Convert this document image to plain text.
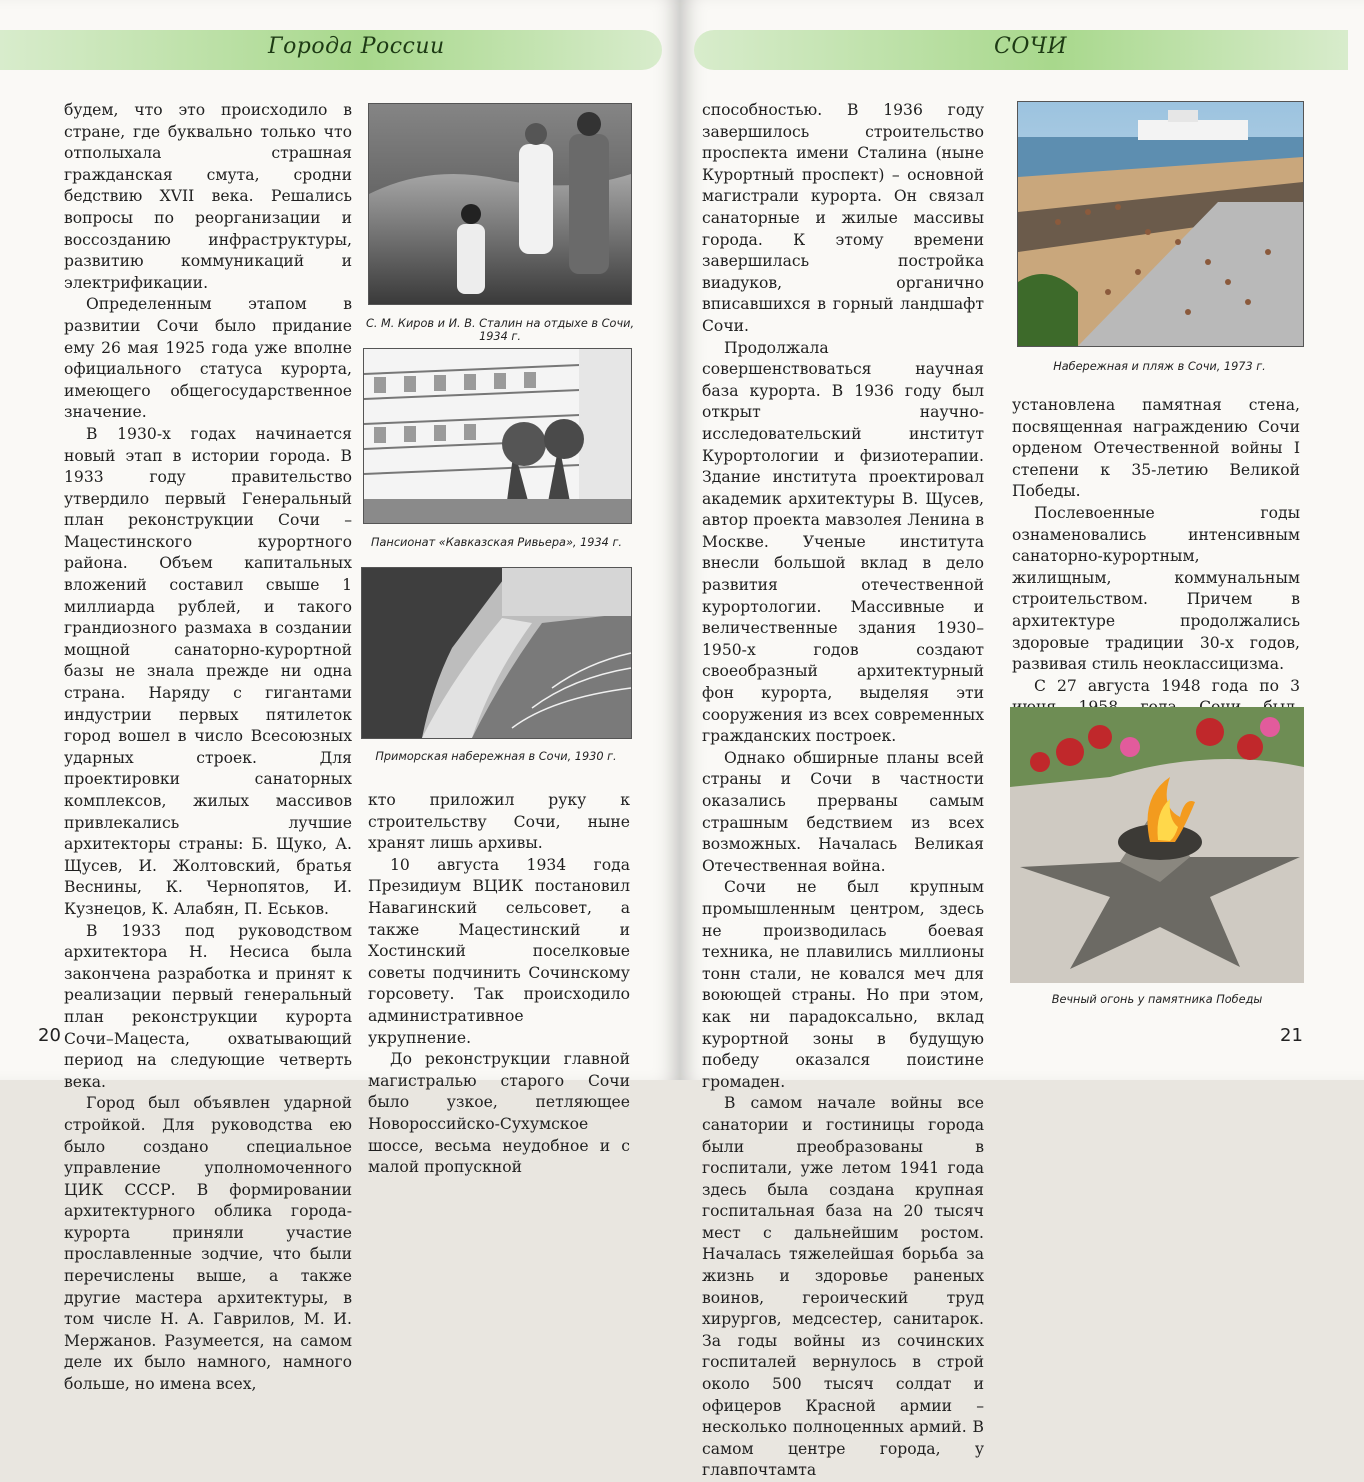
Города России

будем, что это происходило в стране, где буквально только что отполыхала страшная гражданская смута, сродни бедствию XVII века. Решались вопросы по реорганизации и воссозданию инфраструктуры, развитию коммуникаций и электрификации.

Определенным этапом в развитии Сочи было придание ему 26 мая 1925 года уже вполне официального статуса курорта, имеющего общегосударственное значение.

В 1930-х годах начинается новый этап в истории города. В 1933 году правительство утвердило первый Генеральный план реконструкции Сочи – Мацестинского курортного района. Объем капитальных вложений составил свыше 1 миллиарда рублей, и такого грандиозного размаха в создании мощной санаторно-курортной базы не знала прежде ни одна страна. Наряду с гигантами индустрии первых пятилеток город вошел в число Всесоюзных ударных строек. Для проектировки санаторных комплексов, жилых массивов привлекались лучшие архитекторы страны: Б. Щуко, А. Щусев, И. Жолтовский, братья Веснины, К. Чернопятов, И. Кузнецов, К. Алабян, П. Еськов.

В 1933 под руководством архитектора Н. Несиса была закончена разработка и принят к реализации первый генеральный план реконструкции курорта Сочи–Мацеста, охватывающий период на следующие четверть века.

Город был объявлен ударной стройкой. Для руководства ею было создано специальное управление уполномоченного ЦИК СССР. В формировании архитектурного облика города-курорта приняли участие прославленные зодчие, что были перечислены выше, а также другие мастера архитектуры, в том числе Н. А. Гаврилов, М. И. Мержанов. Разумеется, на самом деле их было намного, намного больше, но имена всех,

С. М. Киров и И. В. Сталин на отдыхе в Сочи, 1934 г.
Пансионат «Кавказская Ривьера», 1934 г.
Приморская набережная в Сочи, 1930 г.

кто приложил руку к строительству Сочи, ныне хранят лишь архивы.

10 августа 1934 года Президиум ВЦИК постановил Навагинский сельсовет, а также Мацестинский и Хостинский поселковые советы подчинить Сочинскому горсовету. Так происходило административное укрупнение.

До реконструкции главной магистралью старого Сочи было узкое, петляющее Новороссийско-Сухумское шоссе, весьма неудобное и с малой пропускной

20
СОЧИ

способностью. В 1936 году завершилось строительство проспекта имени Сталина (ныне Курортный проспект) – основной магистрали курорта. Он связал санаторные и жилые массивы города. К этому времени завершилась постройка виадуков, органично вписавшихся в горный ландшафт Сочи.

Продолжала совершенствоваться научная база курорта. В 1936 году был открыт научно-исследовательский институт Курортологии и физиотерапии. Здание института проектировал академик архитектуры В. Щусев, автор проекта мавзолея Ленина в Москве. Ученые института внесли большой вклад в дело развития отечественной курортологии. Массивные и величественные здания 1930–1950-х годов создают своеобразный архитектурный фон курорта, выделяя эти сооружения из всех современных гражданских построек.

Однако обширные планы всей страны и Сочи в частности оказались прерваны самым страшным бедствием из всех возможных. Началась Великая Отечественная война.

Сочи не был крупным промышленным центром, здесь не производилась боевая техника, не плавились миллионы тонн стали, не ковался меч для воюющей страны. Но при этом, как ни парадоксально, вклад курортной зоны в будущую победу оказался поистине громаден.

В самом начале войны все санатории и гостиницы города были преобразованы в госпитали, уже летом 1941 года здесь была создана крупная госпитальная база на 20 тысяч мест с дальнейшим ростом. Началась тяжелейшая борьба за жизнь и здоровье раненых воинов, героический труд хирургов, медсестер, санитарок. За годы войны из сочинских госпиталей вернулось в строй около 500 тысяч солдат и офицеров Красной армии – несколько полноценных армий. В самом центре города, у главпочтамта

Набережная и пляж в Сочи, 1973 г.

установлена памятная стена, посвященная награждению Сочи орденом Отечественной войны I степени к 35-летию Великой Победы.

Послевоенные годы ознаменовались интенсивным санаторно-курортным, жилищным, коммунальным строительством. Причем в архитектуре продолжались здоровые традиции 30-х годов, развивая стиль неоклассицизма.

С 27 августа 1948 года по 3

Вечный огонь у памятника Победы
21
